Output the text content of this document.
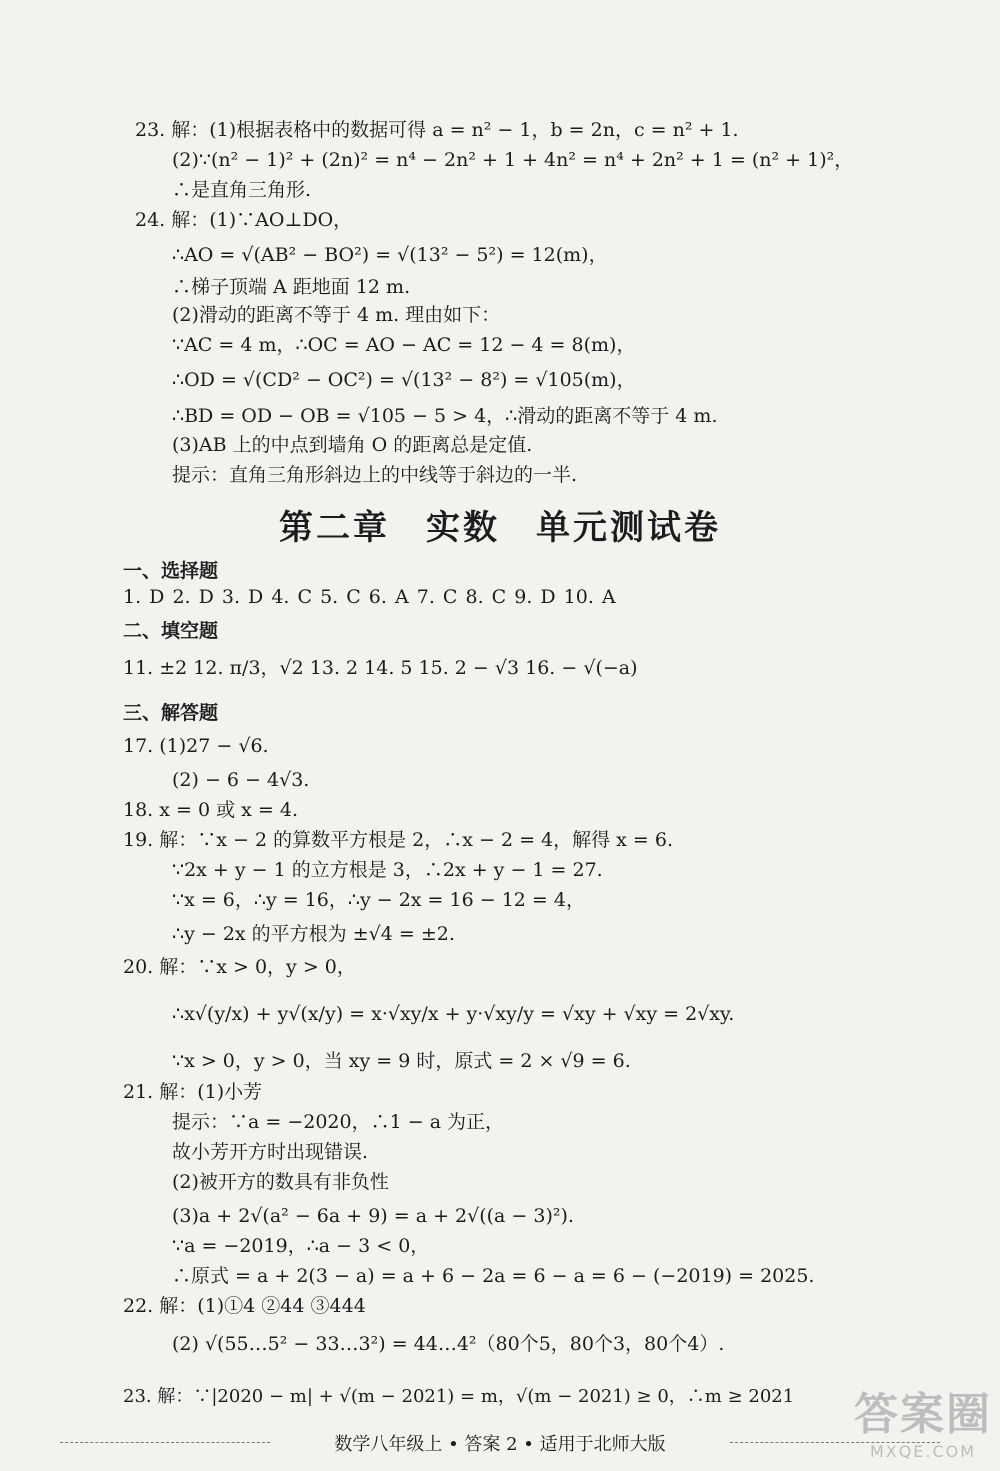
23. 解：(1)根据表格中的数据可得 a = n² − 1，b = 2n，c = n² + 1.
(2)∵(n² − 1)² + (2n)² = n⁴ − 2n² + 1 + 4n² = n⁴ + 2n² + 1 = (n² + 1)²，
∴是直角三角形.
24. 解：(1)∵AO⊥DO，
∴AO = √(AB² − BO²) = √(13² − 5²) = 12(m)，
∴梯子顶端 A 距地面 12 m.
(2)滑动的距离不等于 4 m. 理由如下：
∵AC = 4 m，∴OC = AO − AC = 12 − 4 = 8(m)，
∴OD = √(CD² − OC²) = √(13² − 8²) = √105(m)，
∴BD = OD − OB = √105 − 5 > 4，∴滑动的距离不等于 4 m.
(3)AB 上的中点到墙角 O 的距离总是定值.
提示：直角三角形斜边上的中线等于斜边的一半.
第二章 实数 单元测试卷
一、选择题
1. D 2. D 3. D 4. C 5. C 6. A 7. C 8. C 9. D 10. A
二、填空题
11. ±2 12. π/3，√2 13. 2 14. 5 15. 2 − √3 16. − √(−a)
三、解答题
17. (1)27 − √6.
(2) − 6 − 4√3.
18. x = 0 或 x = 4.
19. 解：∵x − 2 的算数平方根是 2，∴x − 2 = 4，解得 x = 6.
∵2x + y − 1 的立方根是 3，∴2x + y − 1 = 27.
∵x = 6，∴y = 16，∴y − 2x = 16 − 12 = 4，
∴y − 2x 的平方根为 ±√4 = ±2.
20. 解：∵x > 0，y > 0，
∴x√(y/x) + y√(x/y) = x·√xy/x + y·√xy/y = √xy + √xy = 2√xy.
∵x > 0，y > 0，当 xy = 9 时，原式 = 2 × √9 = 6.
21. 解：(1)小芳
提示：∵a = −2020，∴1 − a 为正，
故小芳开方时出现错误.
(2)被开方的数具有非负性
(3)a + 2√(a² − 6a + 9) = a + 2√((a − 3)²).
∵a = −2019，∴a − 3 < 0，
∴原式 = a + 2(3 − a) = a + 6 − 2a = 6 − a = 6 − (−2019) = 2025.
22. 解：(1)①4 ②44 ③444
(2) √(55…5² − 33…3²) = 44…4²（80个5，80个3，80个4）.
23. 解：∵|2020 − m| + √(m − 2021) = m，√(m − 2021) ≥ 0，∴m ≥ 2021
数学八年级上 • 答案 2 • 适用于北师大版
答案圈
MXQE.COM
